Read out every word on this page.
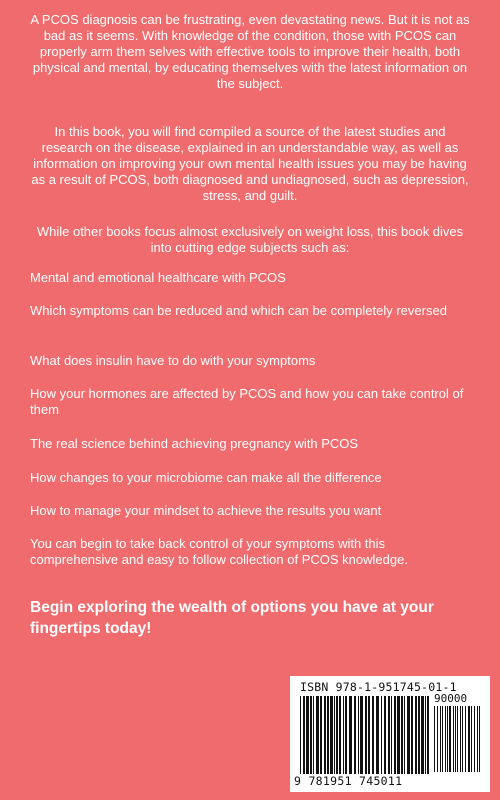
A PCOS diagnosis can be frustrating, even devastating news. But it is not as bad as it seems. With knowledge of the condition, those with PCOS can properly arm them selves with effective tools to improve their health, both physical and mental, by educating themselves with the latest information on the subject.

In this book, you will find compiled a source of the latest studies and research on the disease, explained in an understandable way, as well as information on improving your own mental health issues you may be having as a result of PCOS, both diagnosed and undiagnosed, such as depression, stress, and guilt.

While other books focus almost exclusively on weight loss, this book dives into cutting edge subjects such as:

Mental and emotional healthcare with PCOS

Which symptoms can be reduced and which can be completely reversed

What does insulin have to do with your symptoms

How your hormones are affected by PCOS and how you can take control of them

The real science behind achieving pregnancy with PCOS

How changes to your microbiome can make all the difference

How to manage your mindset to achieve the results you want

You can begin to take back control of your symptoms with this comprehensive and easy to follow collection of PCOS knowledge.

Begin exploring the wealth of options you have at your fingertips today!

ISBN 978-1-951745-01-1
90000
9 781951 745011
